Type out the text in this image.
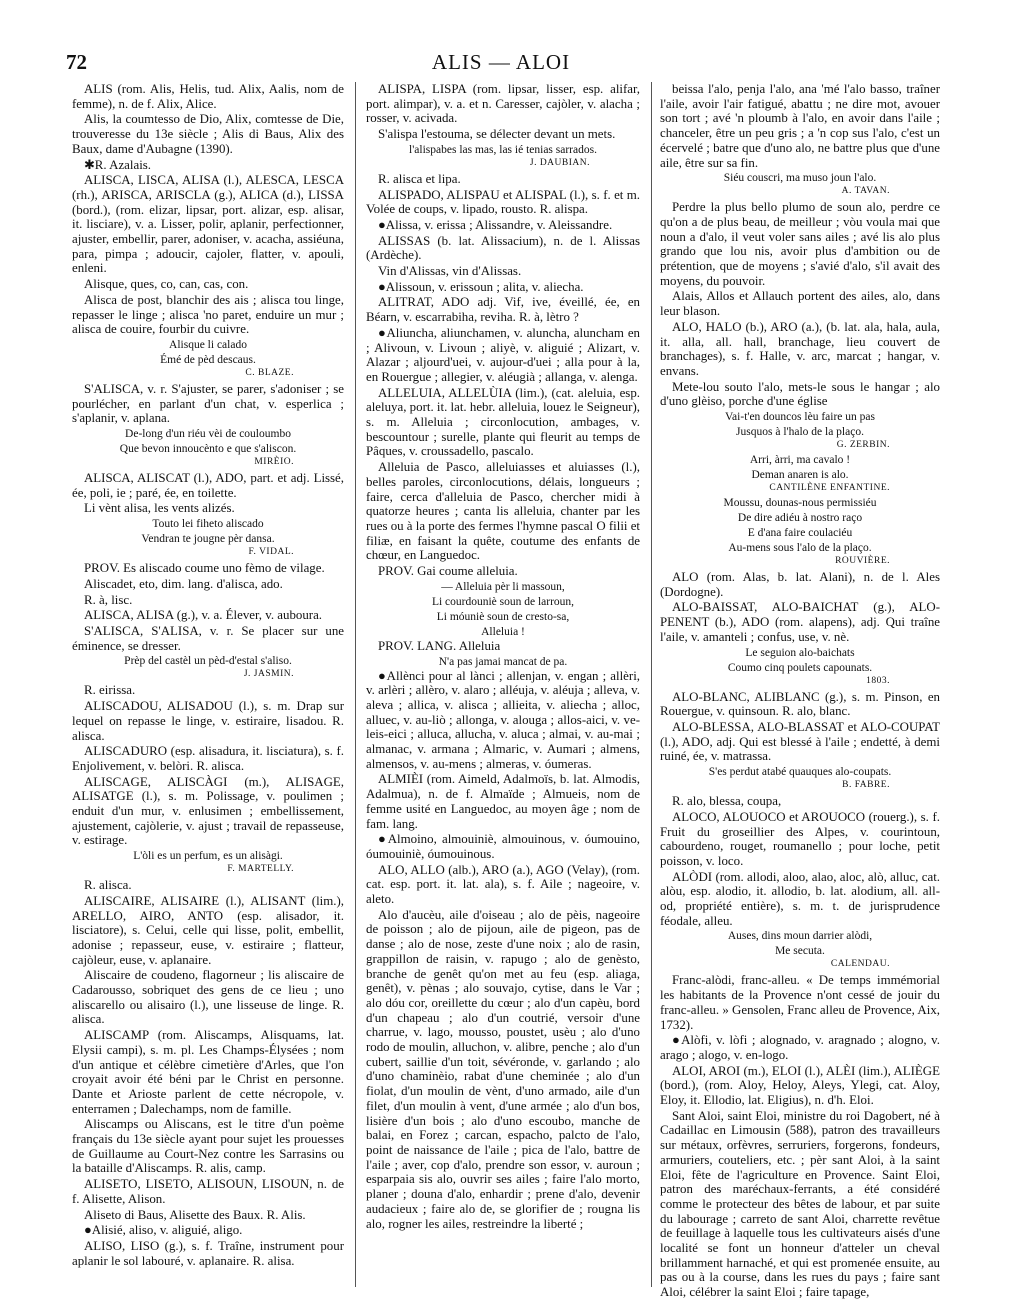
72	ALIS — ALOI

ALIS (rom. Alis, Helis, tud. Alix, Aalis, nom de femme), n. de f. Alix, Alice.

Alis, la coumtesso de Dio, Alix, comtesse de Die, trouveresse du 13e siècle ; Alis di Baus, Alix des Baux, dame d'Aubagne (1390).

✱R. Azalais.

ALISCA, LISCA, ALISA (l.), ALESCA, LESCA (rh.), ARISCA, ARISCLA (g.), ALICA (d.), LISSA (bord.), (rom. elizar, lipsar, port. alizar, esp. alisar, it. lisciare), v. a. Lisser, polir, aplanir, perfectionner, ajuster, embellir, parer, adoniser, v. acacha, assiéuna, para, pimpa ; adoucir, cajoler, flatter, v. apouli, enleni.

Alisque, ques, co, can, cas, con.

Alisca de post, blanchir des ais ; alisca tou linge, repasser le linge ; alisca 'no paret, enduire un mur ; alisca de couire, fourbir du cuivre.

Alisque li calado

Émé de pèd descaus.

C. BLAZE.

S'ALISCA, v. r. S'ajuster, se parer, s'adoniser ; se pourlécher, en parlant d'un chat, v. esperlica ; s'aplanir, v. aplana.

De-long d'un riéu vèi de couloumbo

Que bevon innoucènto e que s'aliscon.

MIRÈIO.

ALISCA, ALISCAT (l.), ADO, part. et adj. Lissé, ée, poli, ie ; paré, ée, en toilette.

Li vènt alisa, les vents alizés.

Touto lei fiheto aliscado

Vendran te jougne pèr dansa.

F. VIDAL.

PROV. Es aliscado coume uno fèmo de vilage.

Aliscadet, eto, dim. lang. d'alisca, ado.

R. à, lisc.

ALISCA, ALISA (g.), v. a. Élever, v. auboura.

S'ALISCA, S'ALISA, v. r. Se placer sur une éminence, se dresser.

Prèp del castèl un pèd-d'estal s'aliso.

J. JASMIN.

R. eirissa.

ALISCADOU, ALISADOU (l.), s. m. Drap sur lequel on repasse le linge, v. estiraire, lisadou. R. alisca.

ALISCADURO (esp. alisadura, it. lisciatura), s. f. Enjolivement, v. belòri. R. alisca.

ALISCAGE, ALISCÀGI (m.), ALISAGE, ALISATGE (l.), s. m. Polissage, v. poulimen ; enduit d'un mur, v. enlusimen ; embellissement, ajustement, cajòlerie, v. ajust ; travail de repasseuse, v. estirage.

L'òli es un perfum, es un alisàgi.

F. MARTELLY.

R. alisca.

ALISCAIRE, ALISAIRE (l.), ALISANT (lim.), ARELLO, AIRO, ANTO (esp. alisador, it. lisciatore), s. Celui, celle qui lisse, polit, embellit, adonise ; repasseur, euse, v. estiraire ; flatteur, cajòleur, euse, v. aplanaire.

Aliscaire de coudeno, flagorneur ; lis aliscaire de Cadarousso, sobriquet des gens de ce lieu ; uno aliscarello ou alisairo (l.), une lisseuse de linge. R. alisca.

ALISCAMP (rom. Aliscamps, Alisquams, lat. Elysii campi), s. m. pl. Les Champs-Élysées ; nom d'un antique et célèbre cimetière d'Arles, que l'on croyait avoir été béni par le Christ en personne. Dante et Arioste parlent de cette nécropole, v. enterramen ; Dalechamps, nom de famille.

Aliscamps ou Aliscans, est le titre d'un poème français du 13e siècle ayant pour sujet les prouesses de Guillaume au Court-Nez contre les Sarrasins ou la bataille d'Aliscamps. R. alis, camp.

ALISETO, LISETO, ALISOUN, LISOUN, n. de f. Alisette, Alison.

Aliseto di Baus, Alisette des Baux. R. Alis.

●Alisié, aliso, v. aliguié, aligo.

ALISO, LISO (g.), s. f. Traîne, instrument pour aplanir le sol labouré, v. aplanaire. R. alisa.

ALISPA, LISPA (rom. lipsar, lisser, esp. alifar, port. alimpar), v. a. et n. Caresser, cajòler, v. alacha ; rosser, v. acivada.

S'alispa l'estouma, se délecter devant un mets.

l'alispabes las mas, las ié tenias sarrados.

J. DAUBIAN.

R. alisca et lipa.

ALISPADO, ALISPAU et ALISPAL (l.), s. f. et m. Volée de coups, v. lipado, rousto. R. alispa.

●Alissa, v. erissa ; Alissandre, v. Aleissandre.

ALISSAS (b. lat. Alissacium), n. de l. Alissas (Ardèche).

Vin d'Alissas, vin d'Alissas.

●Alissoun, v. erissoun ; alita, v. aliecha.

ALITRAT, ADO adj. Vif, ive, éveillé, ée, en Béarn, v. escarrabiha, reviha. R. à, lètro ?

●Aliuncha, aliunchamen, v. aluncha, aluncham en ; Alivoun, v. Livoun ; aliyè, v. aliguié ; Alizart, v. Alazar ; aljourd'uei, v. aujour-d'uei ; alla pour à la, en Rouergue ; allegier, v. aléugià ; allanga, v. alenga.

ALLELUIA, ALLELÙIA (lim.), (cat. aleluia, esp. aleluya, port. it. lat. hebr. alleluia, louez le Seigneur), s. m. Alleluia ; circonlocution, ambages, v. bescountour ; surelle, plante qui fleurit au temps de Pâques, v. croussadello, pascalo.

Alleluia de Pasco, alleluiasses et aluiasses (l.), belles paroles, circonlocutions, délais, longueurs ; faire, cerca d'alleluia de Pasco, chercher midi à quatorze heures ; canta lis alleluia, chanter par les rues ou à la porte des fermes l'hymne pascal O filii et filiæ, en faisant la quête, coutume des enfants de chœur, en Languedoc.

PROV. Gai coume alleluia.

— Alleluia pèr li massoun,

Li courdouniè soun de larroun,

Li móuniè soun de cresto-sa,

Alleluia !

PROV. LANG. Alleluia

N'a pas jamai mancat de pa.

●Allènci pour al lànci ; allenjan, v. engan ; allèri, v. arlèri ; allèro, v. alaro ; alléuja, v. aléuja ; alleva, v. aleva ; allica, v. alisca ; allieita, v. aliecha ; alloc, alluec, v. au-liò ; allonga, v. alouga ; allos-aici, v. ve-leis-eici ; alluca, allucha, v. aluca ; almai, v. au-mai ; almanac, v. armana ; Almaric, v. Aumari ; almens, almensos, v. au-mens ; almeras, v. óumeras.

ALMIÈI (rom. Aimeld, Adalmoïs, b. lat. Almodis, Adalmua), n. de f. Almaïde ; Almueis, nom de femme usité en Languedoc, au moyen âge ; nom de fam. lang.

●Almoino, almouiniè, almouinous, v. óumouino, óumouiniè, óumouinous.

ALO, ALLO (alb.), ARO (a.), AGO (Velay), (rom. cat. esp. port. it. lat. ala), s. f. Aile ; nageoire, v. aleto.

Alo d'aucèu, aile d'oiseau ; alo de pèis, nageoire de poisson ; alo de pijoun, aile de pigeon, pas de danse ; alo de nose, zeste d'une noix ; alo de rasin, grappillon de raisin, v. rapugo ; alo de genèsto, branche de genêt qu'on met au feu (esp. aliaga, genêt), v. pènas ; alo souvajo, cytise, dans le Var ; alo dóu cor, oreillette du cœur ; alo d'un capèu, bord d'un chapeau ; alo d'un coutrié, versoir d'une charrue, v. lago, mousso, poustet, usèu ; alo d'uno rodo de moulin, alluchon, v. alibre, penche ; alo d'un cubert, saillie d'un toit, sévéronde, v. garlando ; alo d'uno chaminèio, rabat d'une cheminée ; alo d'un fiolat, d'un moulin de vènt, d'uno armado, aile d'un filet, d'un moulin à vent, d'une armée ; alo d'un bos, lisière d'un bois ; alo d'uno escoubo, manche de balai, en Forez ; carcan, espacho, palcto de l'alo, point de naissance de l'aile ; pica de l'alo, battre de l'aile ; aver, cop d'alo, prendre son essor, v. auroun ; esparpaia sis alo, ouvrir ses ailes ; faire l'alo morto, planer ; douna d'alo, enhardir ; prene d'alo, devenir audacieux ; faire alo de, se glorifier de ; rougna lis alo, rogner les ailes, restreindre la liberté ;

beissa l'alo, penja l'alo, ana 'mé l'alo basso, traîner l'aile, avoir l'air fatigué, abattu ; ne dire mot, avouer son tort ; avé 'n ploumb à l'alo, en avoir dans l'aile ; chanceler, être un peu gris ; a 'n cop sus l'alo, c'est un écervelé ; batre que d'uno alo, ne battre plus que d'une aile, être sur sa fin.

Siéu couscri, ma muso joun l'alo.

A. TAVAN.

Perdre la plus bello plumo de soun alo, perdre ce qu'on a de plus beau, de meilleur ; vòu voula mai que noun a d'alo, il veut voler sans ailes ; avé lis alo plus grando que lou nis, avoir plus d'ambition ou de prétention, que de moyens ; s'avié d'alo, s'il avait des moyens, du pouvoir.

Alais, Allos et Allauch portent des ailes, alo, dans leur blason.

ALO, HALO (b.), ARO (a.), (b. lat. ala, hala, aula, it. alla, all. hall, branchage, lieu couvert de branchages), s. f. Halle, v. arc, marcat ; hangar, v. envans.

Mete-lou souto l'alo, mets-le sous le hangar ; alo d'uno glèiso, porche d'une église

Vai-t'en douncos lèu faire un pas

Jusquos à l'halo de la plaço.

G. ZERBIN.

Arri, àrri, ma cavalo !

Deman anaren is alo.

CANTILÈNE ENFANTINE.

Moussu, dounas-nous permissiéu

De dire adiéu à nostro raço

E d'ana faire coulaciéu

Au-mens sous l'alo de la plaço.

ROUVIÈRE.

ALO (rom. Alas, b. lat. Alani), n. de l. Ales (Dordogne).

ALO-BAISSAT, ALO-BAICHAT (g.), ALO-PENENT (b.), ADO (rom. alapens), adj. Qui traîne l'aile, v. amanteli ; confus, use, v. nè.

Le seguion alo-baichats

Coumo cinq poulets capounats.

1803.

ALO-BLANC, ALIBLANC (g.), s. m. Pinson, en Rouergue, v. quinsoun. R. alo, blanc.

ALO-BLESSA, ALO-BLASSAT et ALO-COUPAT (l.), ADO, adj. Qui est blessé à l'aile ; endetté, à demi ruiné, ée, v. matrassa.

S'es perdut atabé quauques alo-coupats.

B. FABRE.

R. alo, blessa, coupa,

ALOCO, ALOUOCO et AROUOCO (rouerg.), s. f. Fruit du groseillier des Alpes, v. courintoun, cabourdeno, rouget, roumanello ; pour loche, petit poisson, v. loco.

ALÒDI (rom. allodi, aloo, alao, aloc, alò, alluc, cat. alòu, esp. alodio, it. allodio, b. lat. alodium, all. all-od, propriété entière), s. m. t. de jurisprudence féodale, alleu.

Auses, dins moun darrier alòdi,

Me secuta.

CALENDAU.

Franc-alòdi, franc-alleu. « De temps immémorial les habitants de la Provence n'ont cessé de jouir du franc-alleu. » Gensolen, Franc alleu de Provence, Aix, 1732).

●Alòfi, v. lòfi ; alognado, v. aragnado ; alogno, v. arago ; alogo, v. en-logo.

ALOI, AROI (m.), ELOI (l.), ALÈI (lim.), ALIÈGE (bord.), (rom. Aloy, Heloy, Aleys, Ylegi, cat. Aloy, Eloy, it. Ellodio, lat. Eligius), n. d'h. Eloi.

Sant Aloi, saint Eloi, ministre du roi Dagobert, né à Cadaillac en Limousin (588), patron des travailleurs sur métaux, orfèvres, serruriers, forgerons, fondeurs, armuriers, couteliers, etc. ; pèr sant Aloi, à la saint Eloi, fête de l'agriculture en Provence. Saint Eloi, patron des maréchaux-ferrants, a été considéré comme le protecteur des bêtes de labour, et par suite du labourage ; carreto de sant Aloi, charrette revêtue de feuillage à laquelle tous les cultivateurs aisés d'une localité se font un honneur d'atteler un cheval brillamment harnaché, et qui est promenée ensuite, au pas ou à la course, dans les rues du pays ; faire sant Aloi, célébrer la saint Eloi ; faire tapage,
